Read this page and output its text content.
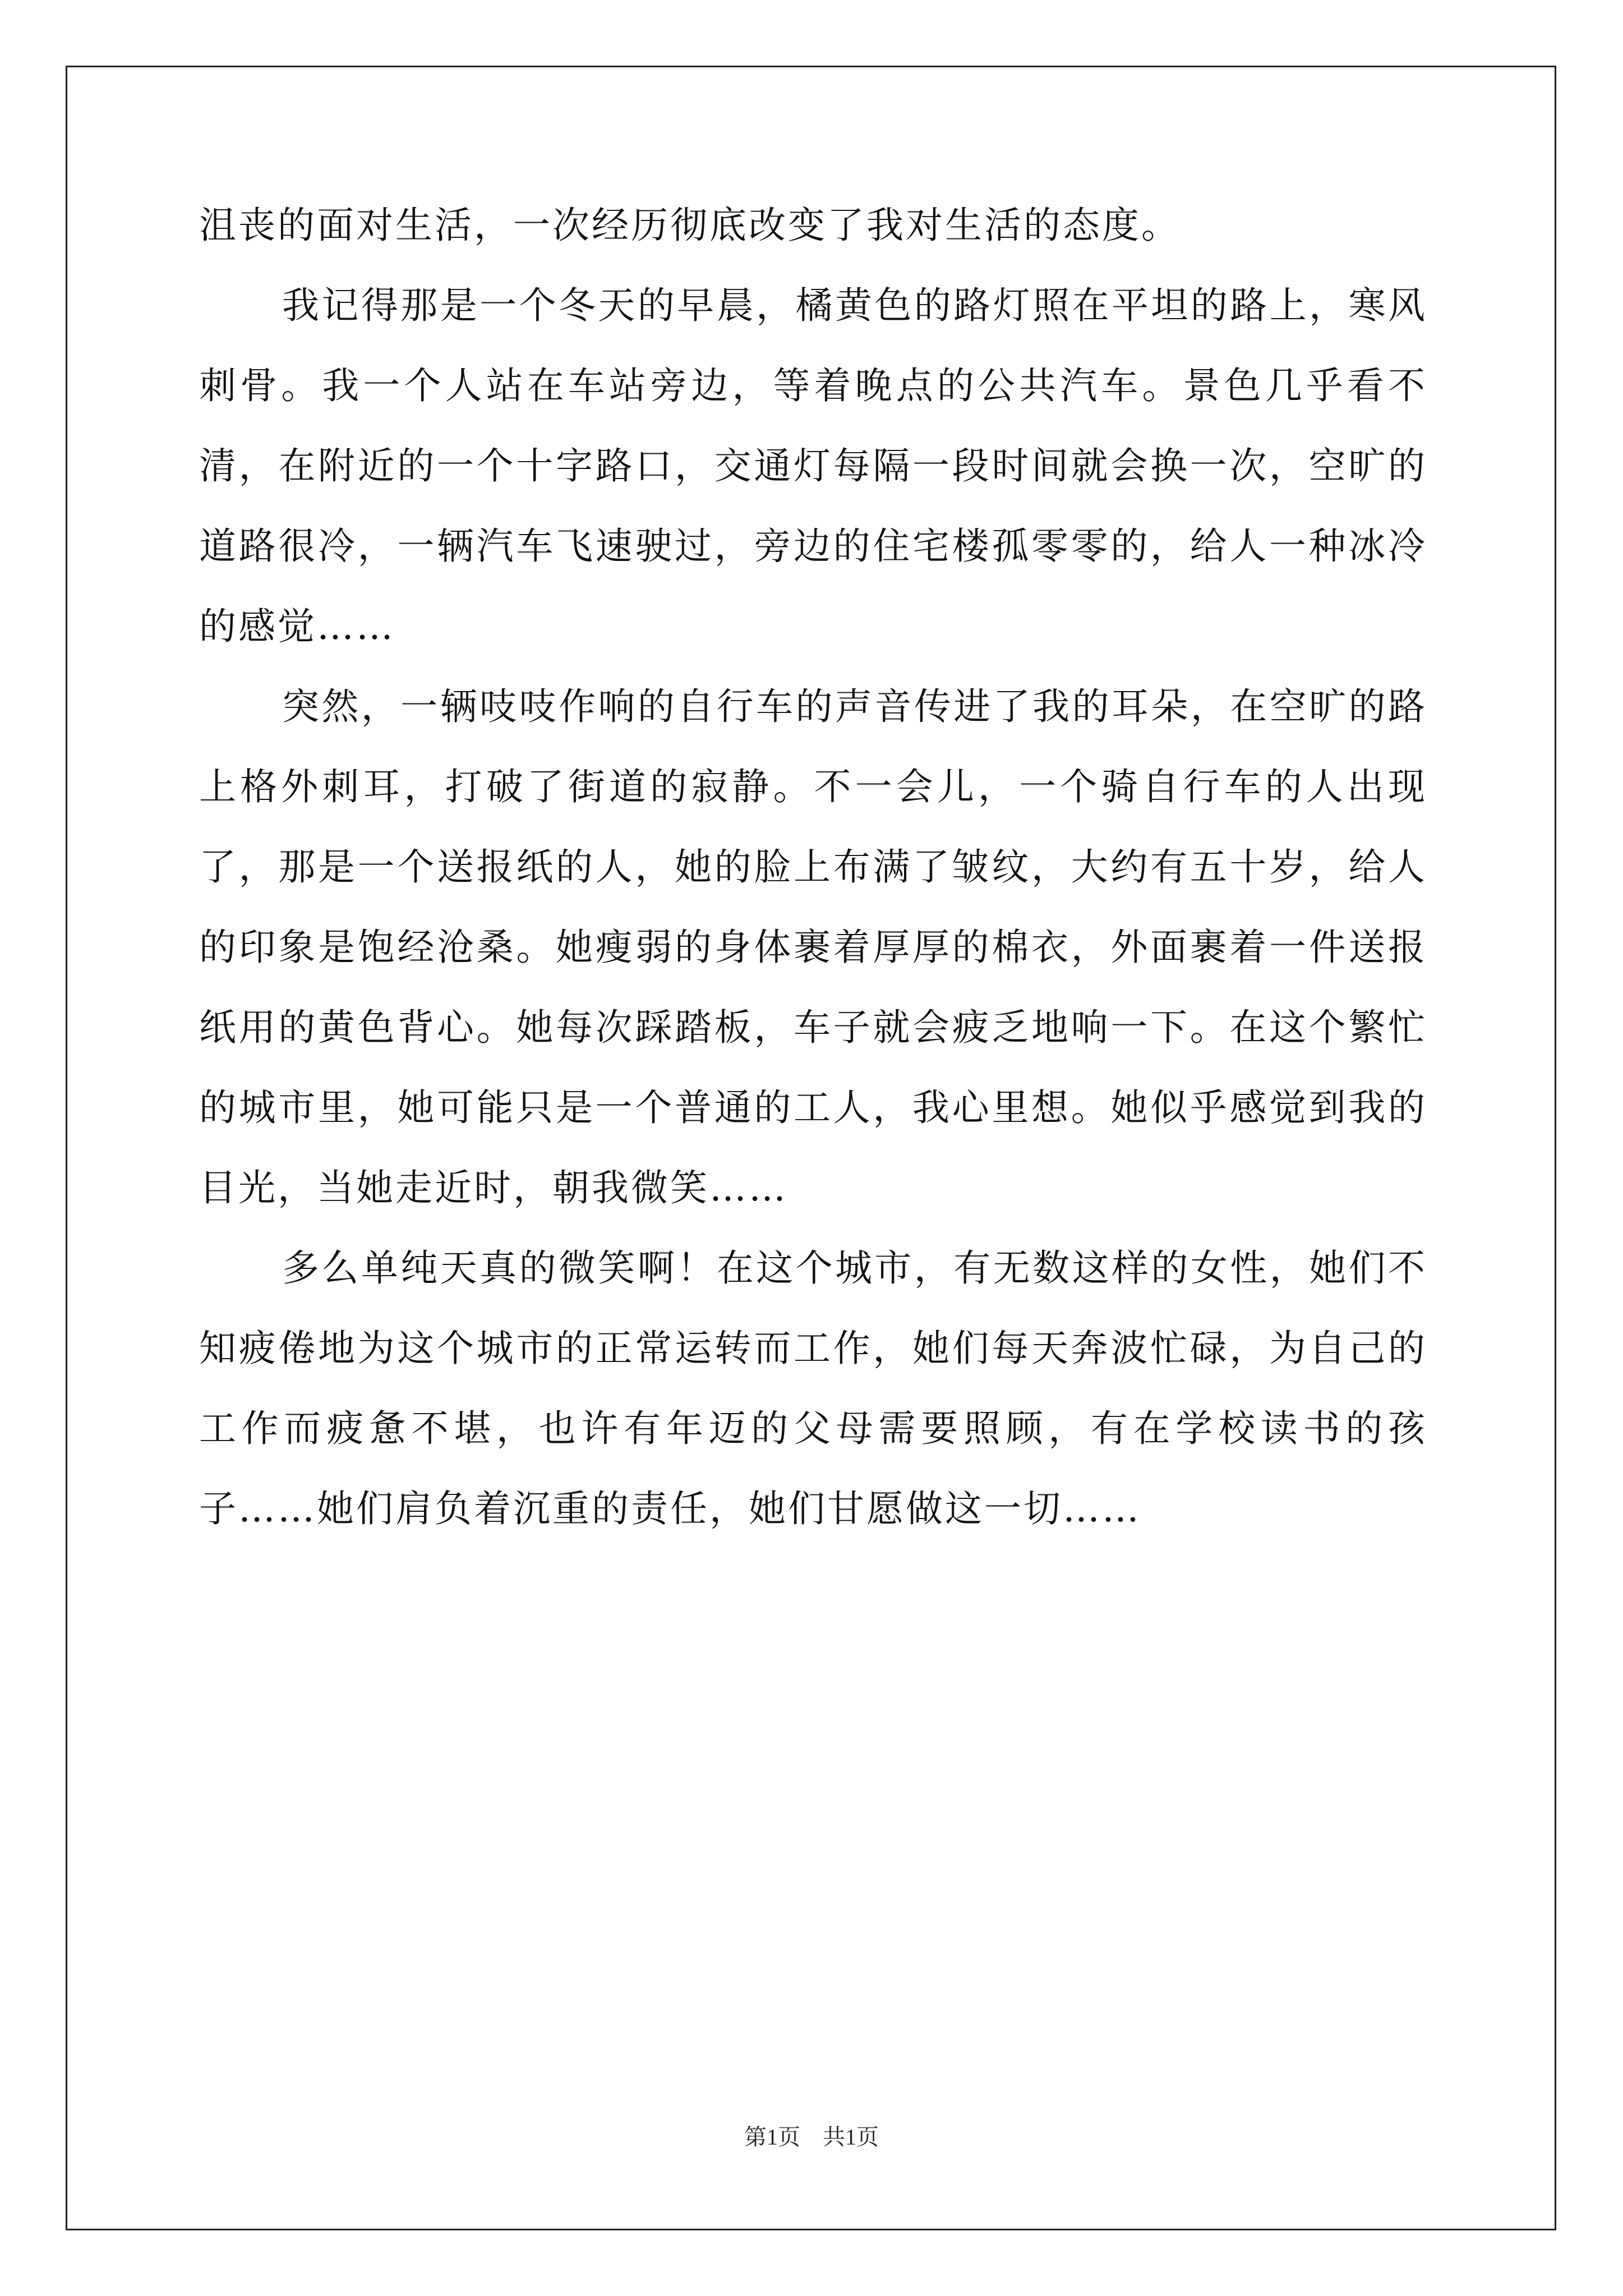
沮丧的面对生活，一次经历彻底改变了我对生活的态度。

我记得那是一个冬天的早晨，橘黄色的路灯照在平坦的路上，寒风刺骨。我一个人站在车站旁边，等着晚点的公共汽车。景色几乎看不清，在附近的一个十字路口，交通灯每隔一段时间就会换一次，空旷的道路很冷，一辆汽车飞速驶过，旁边的住宅楼孤零零的，给人一种冰冷的感觉……

突然，一辆吱吱作响的自行车的声音传进了我的耳朵，在空旷的路上格外刺耳，打破了街道的寂静。不一会儿，一个骑自行车的人出现了，那是一个送报纸的人，她的脸上布满了皱纹，大约有五十岁，给人的印象是饱经沧桑。她瘦弱的身体裹着厚厚的棉衣，外面裹着一件送报纸用的黄色背心。她每次踩踏板，车子就会疲乏地响一下。在这个繁忙的城市里，她可能只是一个普通的工人，我心里想。她似乎感觉到我的目光，当她走近时，朝我微笑……

多么单纯天真的微笑啊！在这个城市，有无数这样的女性，她们不知疲倦地为这个城市的正常运转而工作，她们每天奔波忙碌，为自己的工作而疲惫不堪，也许有年迈的父母需要照顾，有在学校读书的孩子……她们肩负着沉重的责任，她们甘愿做这一切……

第1页　共1页
